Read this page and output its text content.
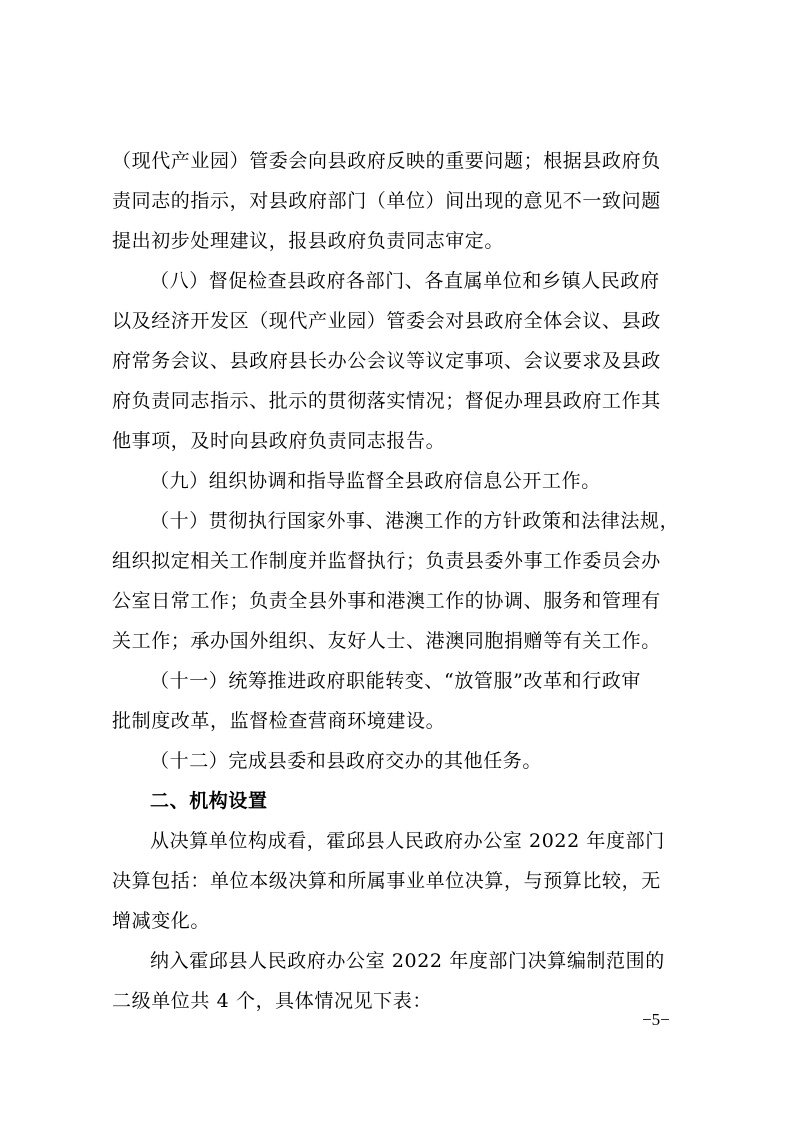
（现代产业园）管委会向县政府反映的重要问题；根据县政府负
责同志的指示，对县政府部门（单位）间出现的意见不一致问题
提出初步处理建议，报县政府负责同志审定。
（八）督促检查县政府各部门、各直属单位和乡镇人民政府
以及经济开发区（现代产业园）管委会对县政府全体会议、县政
府常务会议、县政府县长办公会议等议定事项、会议要求及县政
府负责同志指示、批示的贯彻落实情况；督促办理县政府工作其
他事项，及时向县政府负责同志报告。
（九）组织协调和指导监督全县政府信息公开工作。
（十）贯彻执行国家外事、港澳工作的方针政策和法律法规，
组织拟定相关工作制度并监督执行；负责县委外事工作委员会办
公室日常工作；负责全县外事和港澳工作的协调、服务和管理有
关工作；承办国外组织、友好人士、港澳同胞捐赠等有关工作。
（十一）统筹推进政府职能转变、“放管服”改革和行政审
批制度改革，监督检查营商环境建设。
（十二）完成县委和县政府交办的其他任务。
二、机构设置
从决算单位构成看，霍邱县人民政府办公室 2022 年度部门
决算包括：单位本级决算和所属事业单位决算，与预算比较，无
增减变化。
纳入霍邱县人民政府办公室 2022 年度部门决算编制范围的
二级单位共 4 个，具体情况见下表：
−5−
